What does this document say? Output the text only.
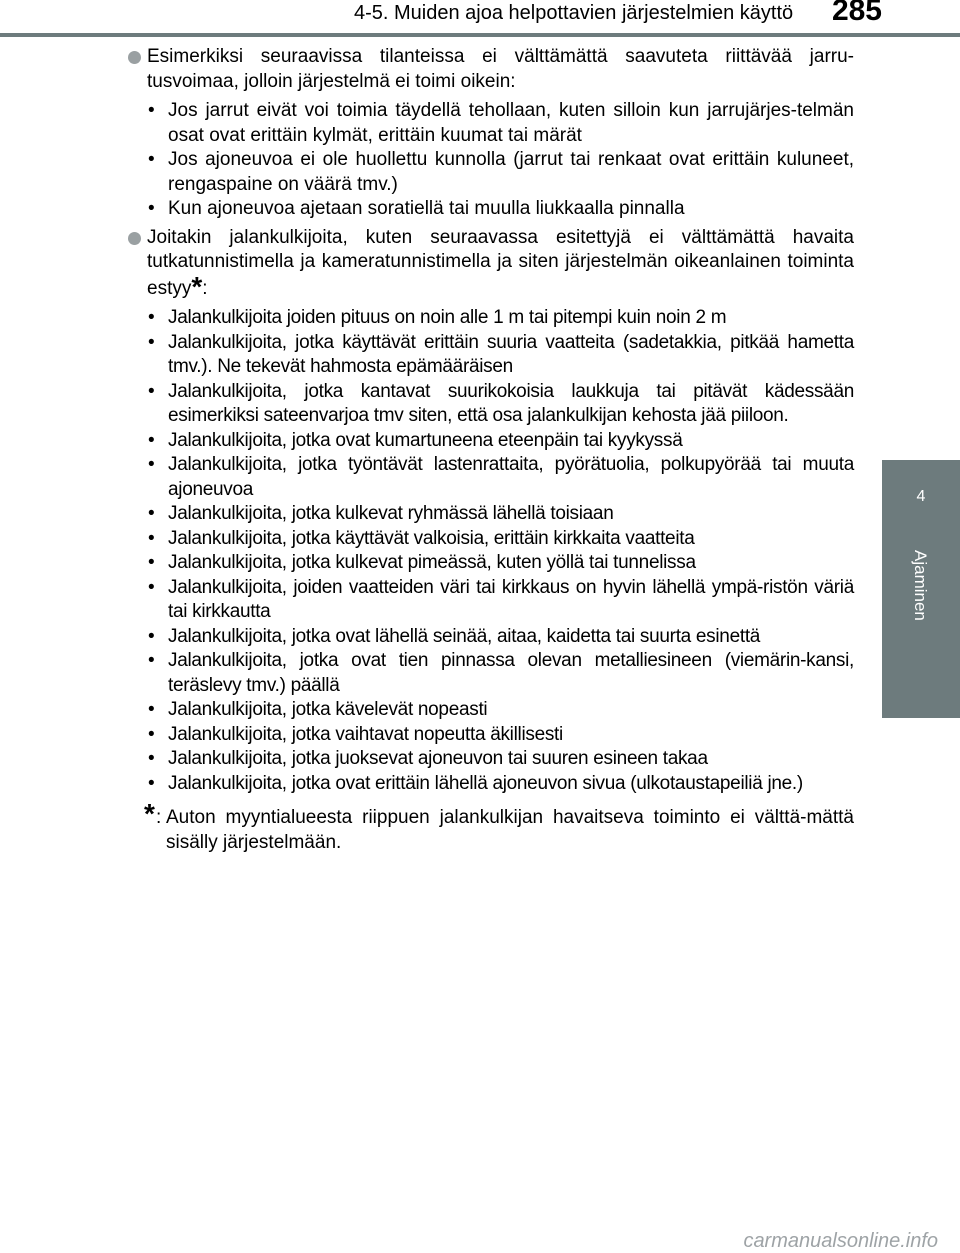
4-5. Muiden ajoa helpottavien järjestelmien käyttö 285
4
Ajaminen
Esimerkiksi seuraavissa tilanteissa ei välttämättä saavuteta riittävää jarru-tusvoimaa, jolloin järjestelmä ei toimi oikein:
• Jos jarrut eivät voi toimia täydellä tehollaan, kuten silloin kun jarrujärjes-telmän osat ovat erittäin kylmät, erittäin kuumat tai märät
• Jos ajoneuvoa ei ole huollettu kunnolla (jarrut tai renkaat ovat erittäin kuluneet, rengaspaine on väärä tmv.)
• Kun ajoneuvoa ajetaan soratiellä tai muulla liukkaalla pinnalla
Joitakin jalankulkijoita, kuten seuraavassa esitettyjä ei välttämättä havaita tutkatunnistimella ja kameratunnistimella ja siten järjestelmän oikeanlainen toiminta estyy*:
• Jalankulkijoita joiden pituus on noin alle 1 m tai pitempi kuin noin 2 m
• Jalankulkijoita, jotka käyttävät erittäin suuria vaatteita (sadetakkia, pitkää hametta tmv.). Ne tekevät hahmosta epämääräisen
• Jalankulkijoita, jotka kantavat suurikokoisia laukkuja tai pitävät kädessään esimerkiksi sateenvarjoa tmv siten, että osa jalankulkijan kehosta jää piiloon.
• Jalankulkijoita, jotka ovat kumartuneena eteenpäin tai kyykyssä
• Jalankulkijoita, jotka työntävät lastenrattaita, pyörätuolia, polkupyörää tai muuta ajoneuvoa
• Jalankulkijoita, jotka kulkevat ryhmässä lähellä toisiaan
• Jalankulkijoita, jotka käyttävät valkoisia, erittäin kirkkaita vaatteita
• Jalankulkijoita, jotka kulkevat pimeässä, kuten yöllä tai tunnelissa
• Jalankulkijoita, joiden vaatteiden väri tai kirkkaus on hyvin lähellä ympä-ristön väriä tai kirkkautta
• Jalankulkijoita, jotka ovat lähellä seinää, aitaa, kaidetta tai suurta esinettä
• Jalankulkijoita, jotka ovat tien pinnassa olevan metalliesineen (viemärin-kansi, teräslevy tmv.) päällä
• Jalankulkijoita, jotka kävelevät nopeasti
• Jalankulkijoita, jotka vaihtavat nopeutta äkillisesti
• Jalankulkijoita, jotka juoksevat ajoneuvon tai suuren esineen takaa
• Jalankulkijoita, jotka ovat erittäin lähellä ajoneuvon sivua (ulkotaustapeiliä jne.)
* : Auton myyntialueesta riippuen jalankulkijan havaitseva toiminto ei välttä-mättä sisälly järjestelmään.
carmanualsonline.info
